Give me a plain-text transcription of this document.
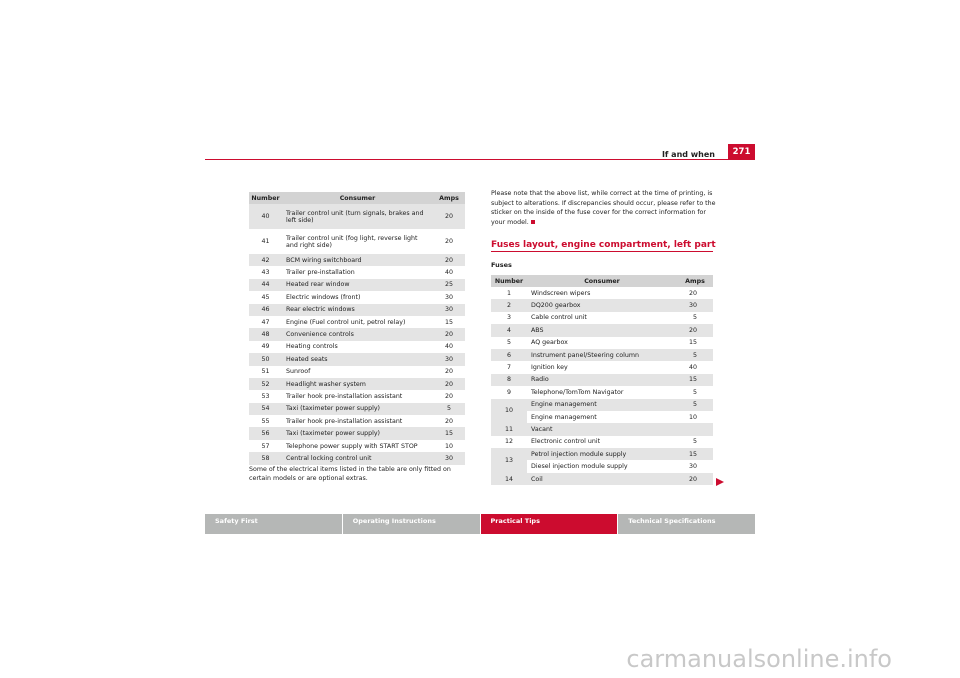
If and when	271
Number	Consumer	Amps
40	Trailer control unit (turn signals, brakes and left side)	20
41	Trailer control unit (fog light, reverse light and right side)	20
42	BCM wiring switchboard	20
43	Trailer pre-installation	40
44	Heated rear window	25
45	Electric windows (front)	30
46	Rear electric windows	30
47	Engine (Fuel control unit, petrol relay)	15
48	Convenience controls	20
49	Heating controls	40
50	Heated seats	30
51	Sunroof	20
52	Headlight washer system	20
53	Trailer hook pre-installation assistant	20
54	Taxi (taximeter power supply)	5
55	Trailer hook pre-installation assistant	20
56	Taxi (taximeter power supply)	15
57	Telephone power supply with START STOP	10
58	Central locking control unit	30
Some of the electrical items listed in the table are only fitted on certain models or are optional extras.
Please note that the above list, while correct at the time of printing, is subject to alterations. If discrepancies should occur, please refer to the sticker on the inside of the fuse cover for the correct information for your model.
Fuses layout, engine compartment, left part
Fuses
Number	Consumer	Amps
1	Windscreen wipers	20
2	DQ200 gearbox	30
3	Cable control unit	5
4	ABS	20
5	AQ gearbox	15
6	Instrument panel/Steering column	5
7	Ignition key	40
8	Radio	15
9	Telephone/TomTom Navigator	5
10	Engine management	5
	Engine management	10
11	Vacant	
12	Electronic control unit	5
13	Petrol injection module supply	15
	Diesel injection module supply	30
14	Coil	20
Safety First	Operating Instructions	Practical Tips	Technical Specifications
carmanualsonline.info
